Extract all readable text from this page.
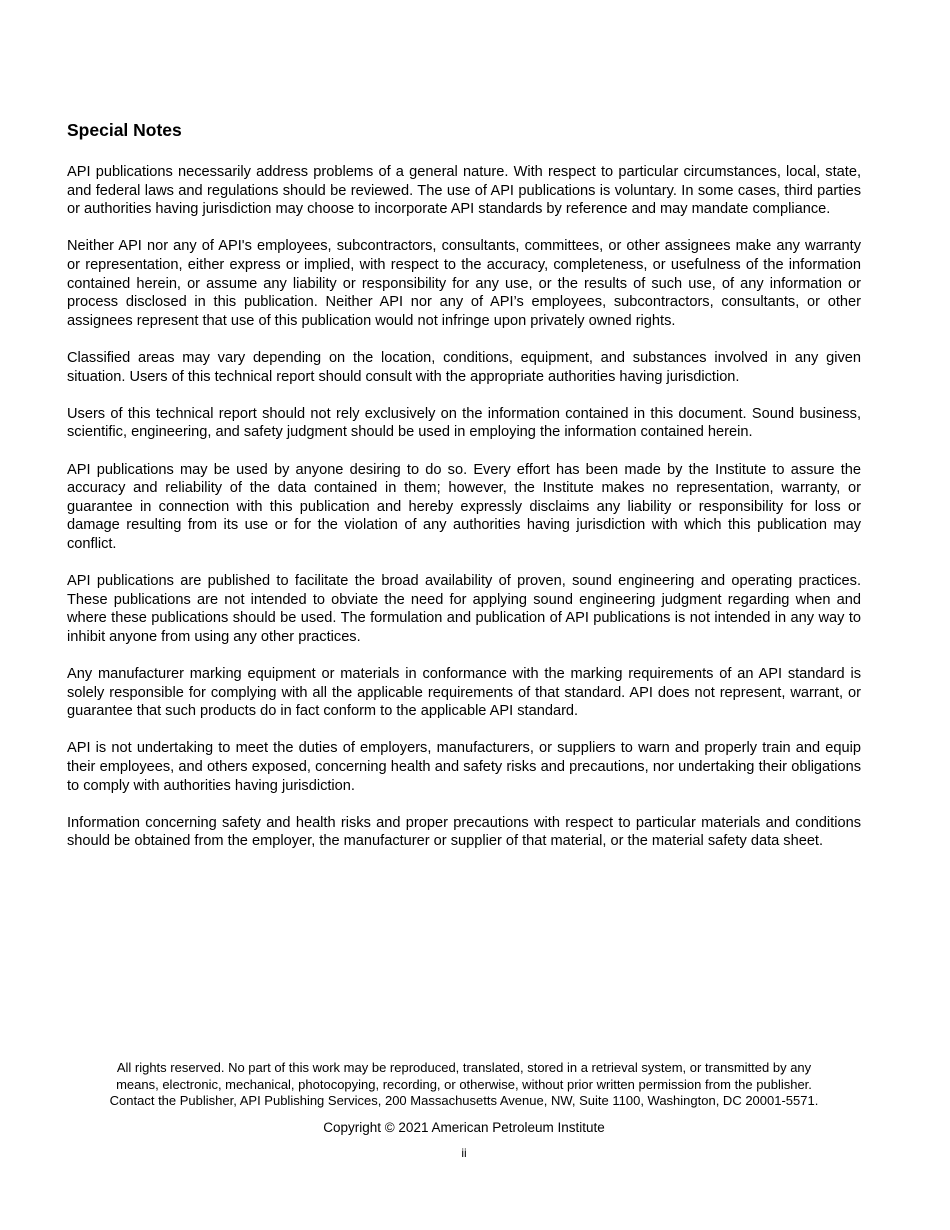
Special Notes

API publications necessarily address problems of a general nature. With respect to particular circumstances, local, state, and federal laws and regulations should be reviewed. The use of API publications is voluntary. In some cases, third parties or authorities having jurisdiction may choose to incorporate API standards by reference and may mandate compliance.

Neither API nor any of API's employees, subcontractors, consultants, committees, or other assignees make any warranty or representation, either express or implied, with respect to the accuracy, completeness, or usefulness of the information contained herein, or assume any liability or responsibility for any use, or the results of such use, of any information or process disclosed in this publication. Neither API nor any of API’s employees, subcontractors, consultants, or other assignees represent that use of this publication would not infringe upon privately owned rights.

Classified areas may vary depending on the location, conditions, equipment, and substances involved in any given situation. Users of this technical report should consult with the appropriate authorities having jurisdiction.

Users of this technical report should not rely exclusively on the information contained in this document. Sound business, scientific, engineering, and safety judgment should be used in employing the information contained herein.

API publications may be used by anyone desiring to do so. Every effort has been made by the Institute to assure the accuracy and reliability of the data contained in them; however, the Institute makes no representation, warranty, or guarantee in connection with this publication and hereby expressly disclaims any liability or responsibility for loss or damage resulting from its use or for the violation of any authorities having jurisdiction with which this publication may conflict.

API publications are published to facilitate the broad availability of proven, sound engineering and operating practices. These publications are not intended to obviate the need for applying sound engineering judgment regarding when and where these publications should be used. The formulation and publication of API publications is not intended in any way to inhibit anyone from using any other practices.

Any manufacturer marking equipment or materials in conformance with the marking requirements of an API standard is solely responsible for complying with all the applicable requirements of that standard. API does not represent, warrant, or guarantee that such products do in fact conform to the applicable API standard.

API is not undertaking to meet the duties of employers, manufacturers, or suppliers to warn and properly train and equip their employees, and others exposed, concerning health and safety risks and precautions, nor undertaking their obligations to comply with authorities having jurisdiction.

Information concerning safety and health risks and proper precautions with respect to particular materials and conditions should be obtained from the employer, the manufacturer or supplier of that material, or the material safety data sheet.

All rights reserved. No part of this work may be reproduced, translated, stored in a retrieval system, or transmitted by any
means, electronic, mechanical, photocopying, recording, or otherwise, without prior written permission from the publisher.
Contact the Publisher, API Publishing Services, 200 Massachusetts Avenue, NW, Suite 1100, Washington, DC 20001-5571.

Copyright © 2021 American Petroleum Institute

ii
